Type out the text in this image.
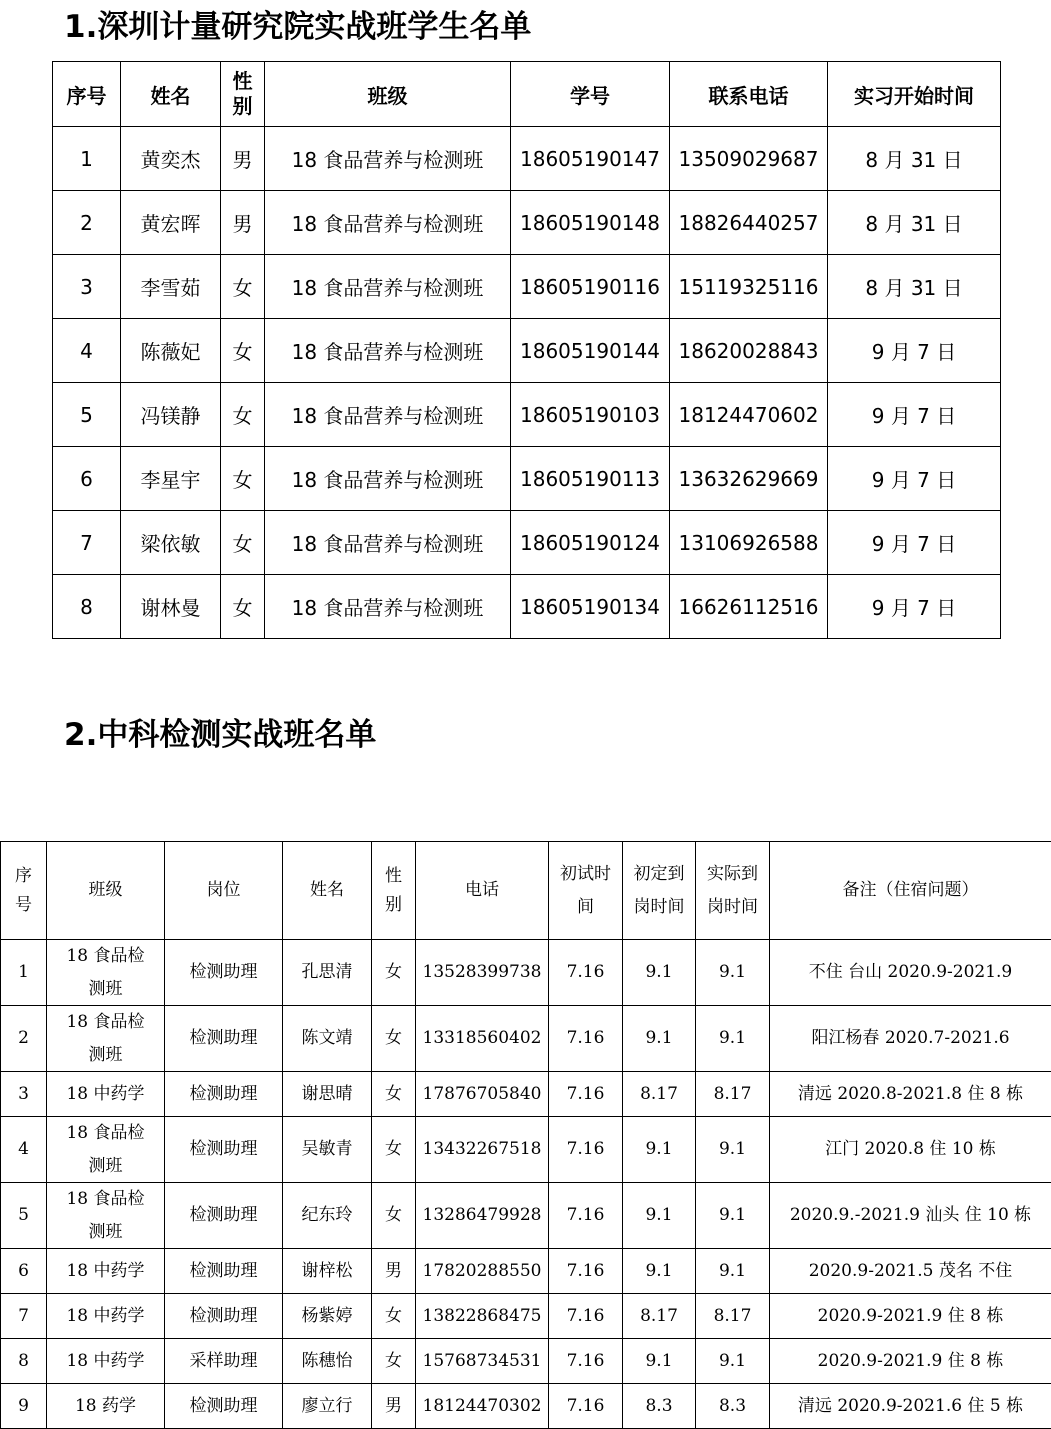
1.深圳计量研究院实战班学生名单
序号	姓名	性别	班级	学号	联系电话	实习开始时间
1	黄奕杰	男	18 食品营养与检测班	18605190147	13509029687	8 月 31 日
2	黄宏晖	男	18 食品营养与检测班	18605190148	18826440257	8 月 31 日
3	李雪茹	女	18 食品营养与检测班	18605190116	15119325116	8 月 31 日
4	陈薇妃	女	18 食品营养与检测班	18605190144	18620028843	9 月 7 日
5	冯镁静	女	18 食品营养与检测班	18605190103	18124470602	9 月 7 日
6	李星宇	女	18 食品营养与检测班	18605190113	13632629669	9 月 7 日
7	梁依敏	女	18 食品营养与检测班	18605190124	13106926588	9 月 7 日
8	谢林曼	女	18 食品营养与检测班	18605190134	16626112516	9 月 7 日
2.中科检测实战班名单
序号	班级	岗位	姓名	性别	电话	初试时间	初定到岗时间	实际到岗时间	备注（住宿问题）
1	18 食品检测班	检测助理	孔思清	女	13528399738	7.16	9.1	9.1	不住 台山 2020.9-2021.9
2	18 食品检测班	检测助理	陈文靖	女	13318560402	7.16	9.1	9.1	阳江杨春 2020.7-2021.6
3	18 中药学	检测助理	谢思晴	女	17876705840	7.16	8.17	8.17	清远 2020.8-2021.8 住 8 栋
4	18 食品检测班	检测助理	吴敏青	女	13432267518	7.16	9.1	9.1	江门 2020.8 住 10 栋
5	18 食品检测班	检测助理	纪东玲	女	13286479928	7.16	9.1	9.1	2020.9.-2021.9 汕头 住 10 栋
6	18 中药学	检测助理	谢梓松	男	17820288550	7.16	9.1	9.1	2020.9-2021.5 茂名 不住
7	18 中药学	检测助理	杨紫婷	女	13822868475	7.16	8.17	8.17	2020.9-2021.9 住 8 栋
8	18 中药学	采样助理	陈穗怡	女	15768734531	7.16	9.1	9.1	2020.9-2021.9 住 8 栋
9	18 药学	检测助理	廖立行	男	18124470302	7.16	8.3	8.3	清远 2020.9-2021.6 住 5 栋
